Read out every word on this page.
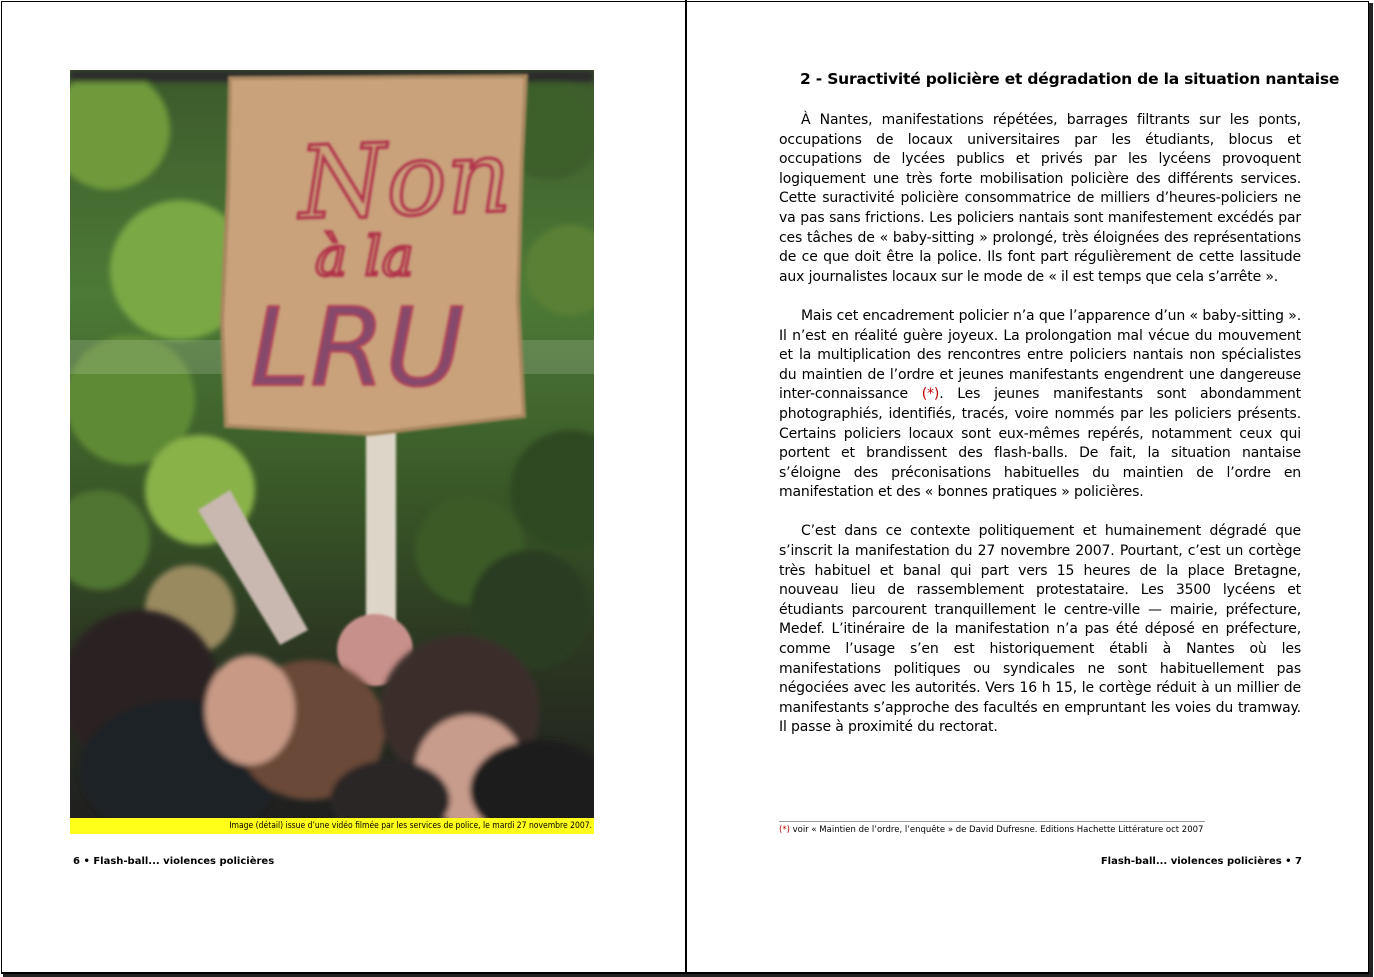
Non
à la
LRU
Image (détail) issue d’une vidéo filmée par les services de police, le mardi 27 novembre 2007.
6 • Flash-ball... violences policières
2 - Suractivité policière et dégradation de la situation nantaise

À Nantes, manifestations répétées, barrages filtrants sur les ponts, occupations de locaux universitaires par les étudiants, blocus et occupations de lycées publics et privés par les lycéens provoquent logiquement une très forte mobilisation policière des différents services. Cette suractivité policière consommatrice de milliers d’heures-policiers ne va pas sans frictions. Les policiers nantais sont manifestement excédés par ces tâches de « baby-sitting » prolongé, très éloignées des représentations de ce que doit être la police. Ils font part régulièrement de cette lassitude aux journalistes locaux sur le mode de « il est temps que cela s’arrête ».

Mais cet encadrement policier n’a que l’apparence d’un « baby-sitting ». Il n’est en réalité guère joyeux. La prolongation mal vécue du mouvement et la multiplication des rencontres entre policiers nantais non spécialistes du maintien de l’ordre et jeunes manifestants engendrent une dangereuse inter-connaissance (*). Les jeunes manifestants sont abondamment photographiés, identifiés, tracés, voire nommés par les policiers présents. Certains policiers locaux sont eux-mêmes repérés, notamment ceux qui portent et brandissent des flash-balls. De fait, la situation nantaise s’éloigne des préconisations habituelles du maintien de l’ordre en manifestation et des « bonnes pratiques » policières.

C’est dans ce contexte politiquement et humainement dégradé que s’inscrit la manifestation du 27 novembre 2007. Pourtant, c’est un cortège très habituel et banal qui part vers 15 heures de la place Bretagne, nouveau lieu de rassemblement protestataire. Les 3500 lycéens et étudiants parcourent tranquillement le centre-ville — mairie, préfecture, Medef. L’itinéraire de la manifestation n’a pas été déposé en préfecture, comme l’usage s’en est historiquement établi à Nantes où les manifestations politiques ou syndicales ne sont habituellement pas négociées avec les autorités. Vers 16 h 15, le cortège réduit à un millier de manifestants s’approche des facultés en empruntant les voies du tramway. Il passe à proximité du rectorat.

(*) voir « Maintien de l’ordre, l’enquête » de David Dufresne. Editions Hachette Littérature oct 2007
Flash-ball... violences policières • 7
